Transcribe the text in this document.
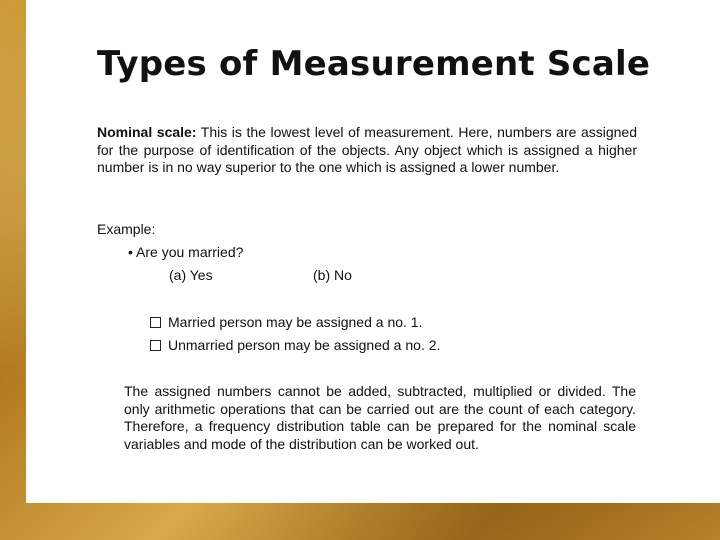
Types of Measurement Scale
Nominal scale: This is the lowest level of measurement. Here, numbers are assigned for the purpose of identification of the objects. Any object which is assigned a higher number is in no way superior to the one which is assigned a lower number.
Example:
• Are you married?
(a) Yes	(b) No
Married person may be assigned a no. 1.
Unmarried person may be assigned a no. 2.
The assigned numbers cannot be added, subtracted, multiplied or divided. The only arithmetic operations that can be carried out are the count of each category. Therefore, a frequency distribution table can be prepared for the nominal scale variables and mode of the distribution can be worked out.
